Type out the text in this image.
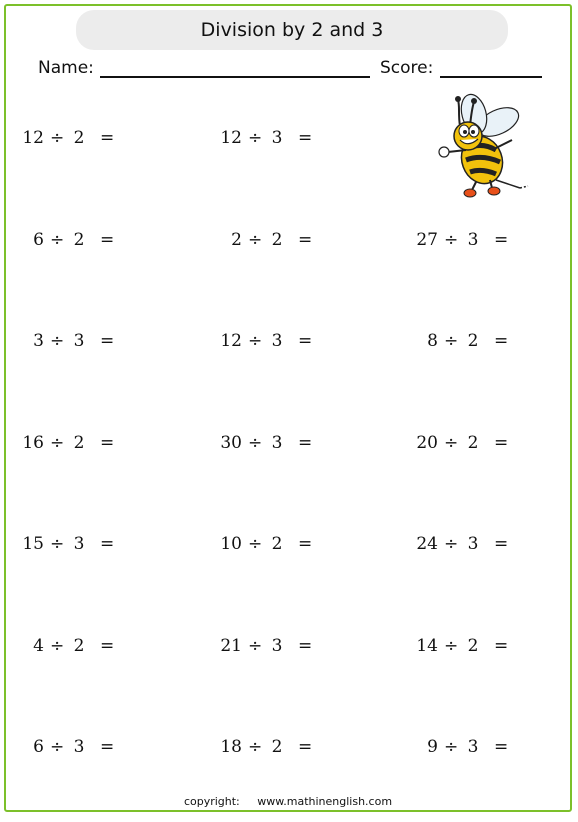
Division by 2 and 3
Name:	Score:
copyright: www.mathinenglish.com
12 ÷ 2 =
6 ÷ 2 =
3 ÷ 3 =
16 ÷ 2 =
15 ÷ 3 =
4 ÷ 2 =
6 ÷ 3 =
12 ÷ 3 =
2 ÷ 2 =
12 ÷ 3 =
30 ÷ 3 =
10 ÷ 2 =
21 ÷ 3 =
18 ÷ 2 =
27 ÷ 3 =
8 ÷ 2 =
20 ÷ 2 =
24 ÷ 3 =
14 ÷ 2 =
9 ÷ 3 =
